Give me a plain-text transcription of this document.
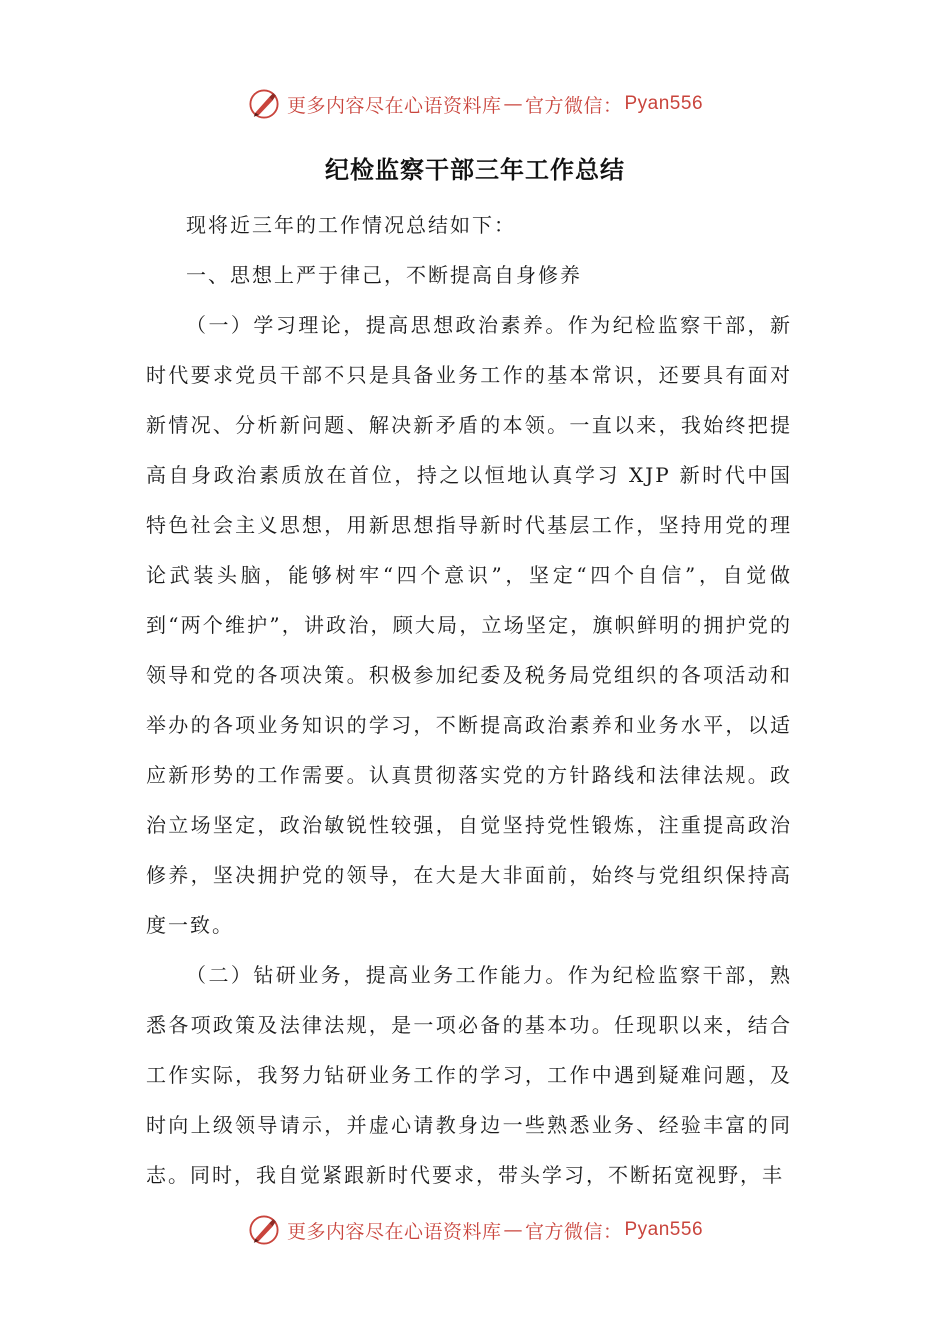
更多内容尽在心语资料库 — 官方微信： Pyan556
纪检监察干部三年工作总结

现将近三年的工作情况总结如下：

一、思想上严于律己，不断提高自身修养

（一）学习理论，提高思想政治素养。作为纪检监察干部，新时代要求党员干部不只是具备业务工作的基本常识，还要具有面对新情况、分析新问题、解决新矛盾的本领。一直以来，我始终把提高自身政治素质放在首位，持之以恒地认真学习 XJP 新时代中国特色社会主义思想，用新思想指导新时代基层工作，坚持用党的理论武装头脑，能够树牢“四个意识”，坚定“四个自信”，自觉做到“两个维护”，讲政治，顾大局，立场坚定，旗帜鲜明的拥护党的领导和党的各项决策。积极参加纪委及税务局党组织的各项活动和举办的各项业务知识的学习，不断提高政治素养和业务水平，以适应新形势的工作需要。认真贯彻落实党的方针路线和法律法规。政治立场坚定，政治敏锐性较强，自觉坚持党性锻炼，注重提高政治修养，坚决拥护党的领导，在大是大非面前，始终与党组织保持高度一致。

（二）钻研业务，提高业务工作能力。作为纪检监察干部，熟悉各项政策及法律法规，是一项必备的基本功。任现职以来，结合工作实际，我努力钻研业务工作的学习，工作中遇到疑难问题，及时向上级领导请示，并虚心请教身边一些熟悉业务、经验丰富的同志。同时，我自觉紧跟新时代要求，带头学习，不断拓宽视野，丰

更多内容尽在心语资料库 — 官方微信： Pyan556
